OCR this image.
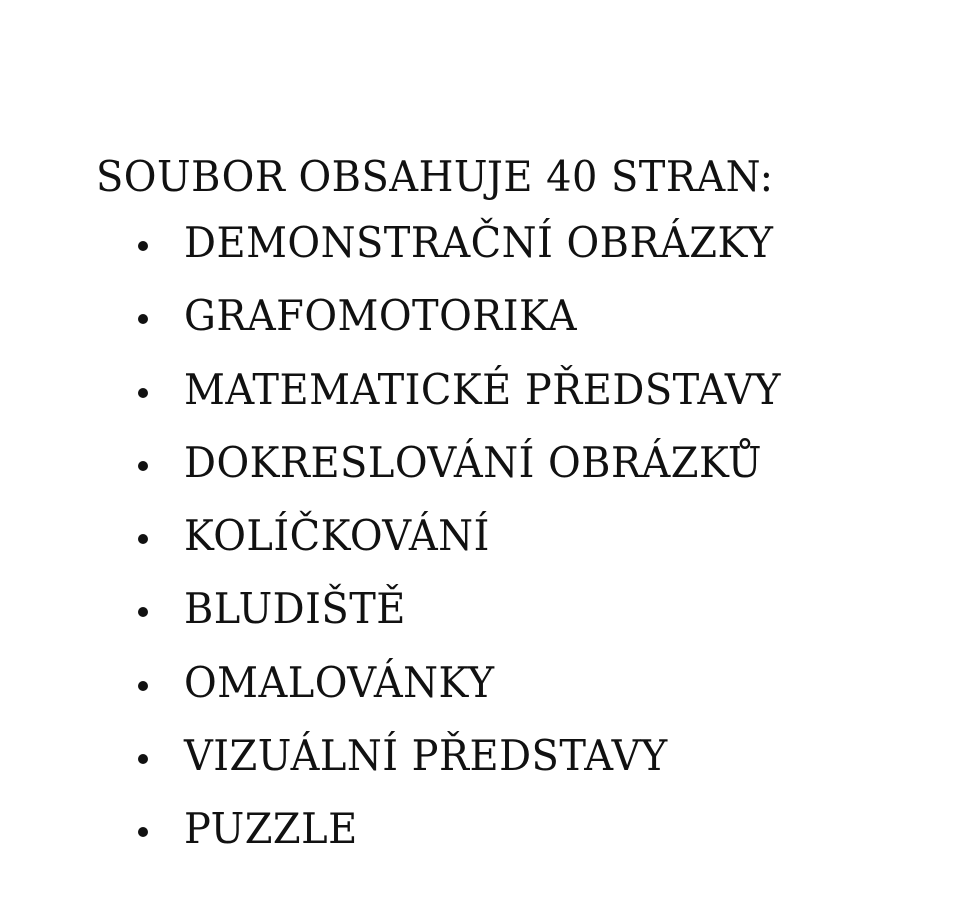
SOUBOR OBSAHUJE 40 STRAN:
DEMONSTRAČNÍ OBRÁZKY
GRAFOMOTORIKA
MATEMATICKÉ PŘEDSTAVY
DOKRESLOVÁNÍ OBRÁZKŮ
KOLÍČKOVÁNÍ
BLUDIŠTĚ
OMALOVÁNKY
VIZUÁLNÍ PŘEDSTAVY
PUZZLE
